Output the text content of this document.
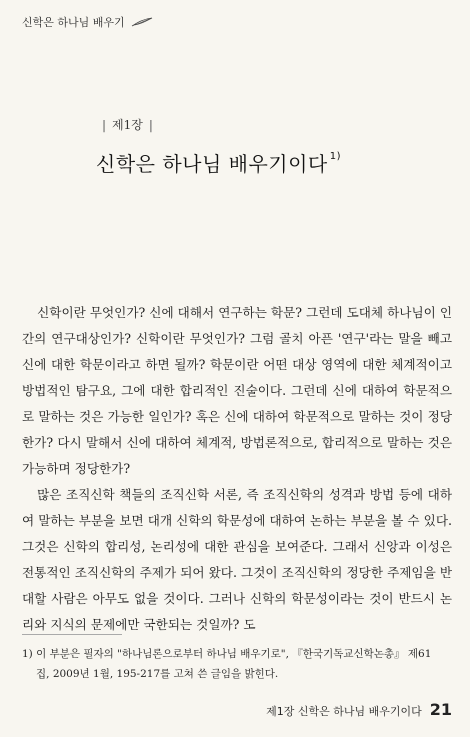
신학은 하나님 배우기
| 제1장 |
신학은 하나님 배우기이다 $^{1)}$

신학이란 무엇인가? 신에 대해서 연구하는 학문? 그런데 도대체 하나님이 인간의 연구대상인가? 신학이란 무엇인가? 그럼 골치 아픈 '연구'라는 말을 빼고 신에 대한 학문이라고 하면 될까? 학문이란 어떤 대상 영역에 대한 체계적이고 방법적인 탐구요, 그에 대한 합리적인 진술이다. 그런데 신에 대하여 학문적으로 말하는 것은 가능한 일인가? 혹은 신에 대하여 학문적으로 말하는 것이 정당한가? 다시 말해서 신에 대하여 체계적, 방법론적으로, 합리적으로 말하는 것은 가능하며 정당한가?

많은 조직신학 책들의 조직신학 서론, 즉 조직신학의 성격과 방법 등에 대하여 말하는 부분을 보면 대개 신학의 학문성에 대하여 논하는 부분을 볼 수 있다. 그것은 신학의 합리성, 논리성에 대한 관심을 보여준다. 그래서 신앙과 이성은 전통적인 조직신학의 주제가 되어 왔다. 그것이 조직신학의 정당한 주제임을 반대할 사람은 아무도 없을 것이다. 그러나 신학의 학문성이라는 것이 반드시 논리와 지식의 문제에만 국한되는 것일까? 도

1) 이 부분은 필자의 "하나님론으로부터 하나님 배우기로", 『한국기독교신학논총』 제61
집, 2009년 1월, 195-217를 고쳐 쓴 글임을 밝힌다.
제1장 신학은 하나님 배우기이다 21
